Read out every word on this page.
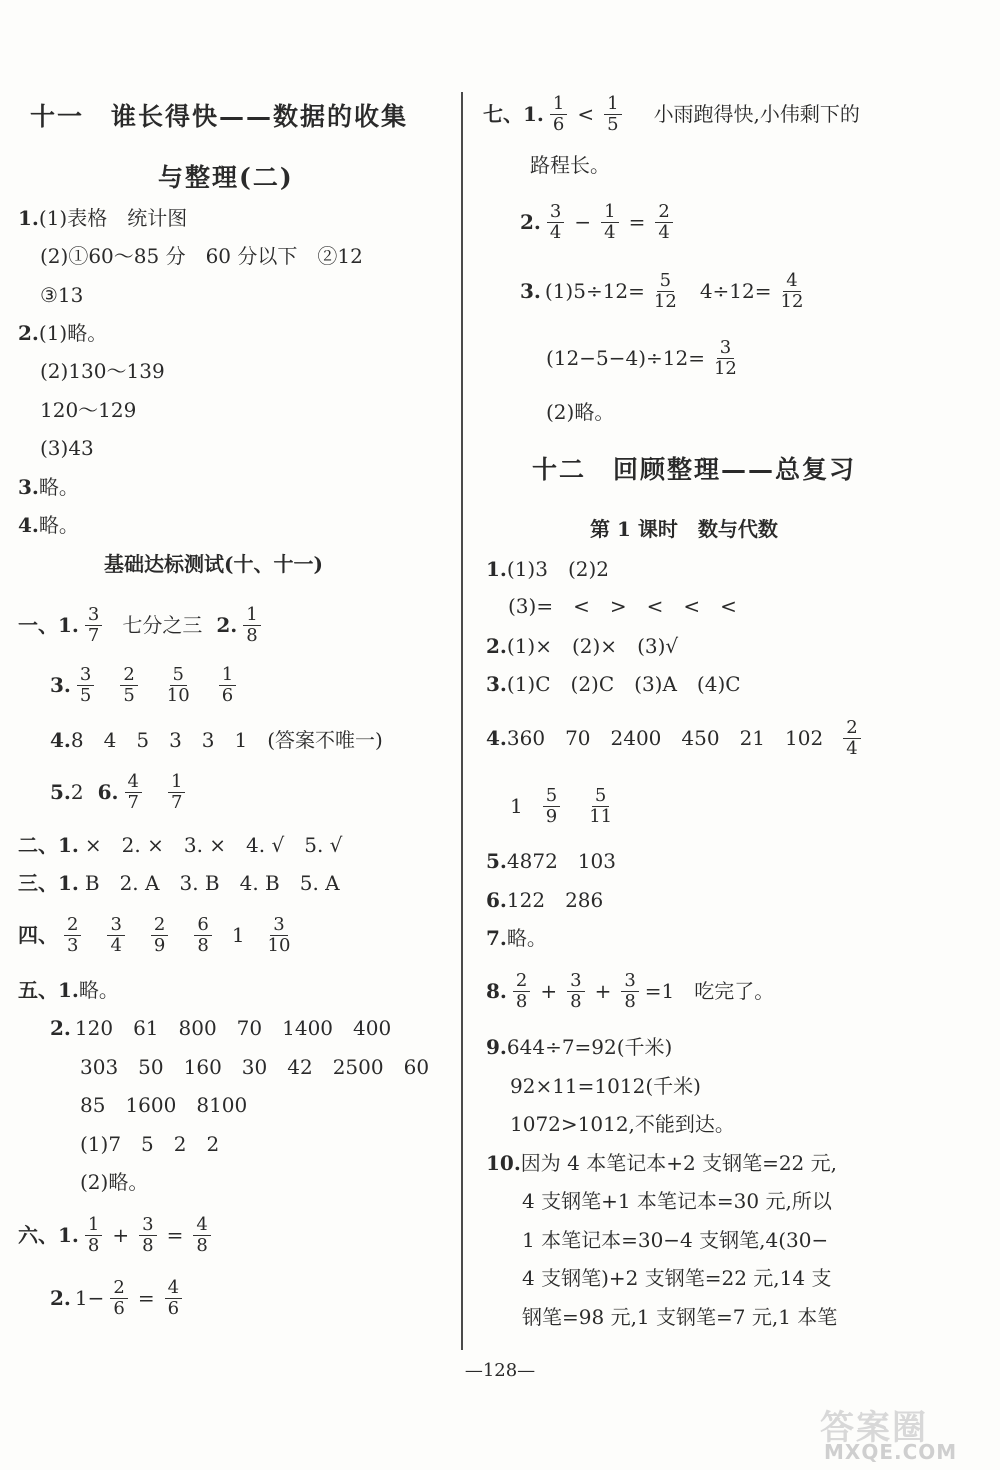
十一　谁长得快——数据的收集
与整理(二)
1. (1)表格　统计图
(2)①60～85 分　60 分以下　②12
③13
2. (1)略。
(2)130～139
120～129
(3)43
3. 略。
4. 略。
基础达标测试(十、十一)
一、1. $\frac{3}{7}$ 七分之三 2. $\frac{1}{8}$
3. $\frac{3}{5} \frac{2}{5} \frac{5}{10} \frac{1}{6}$
4. 8　4　5　3　3　1　(答案不唯一)
5. 2 6. $\frac{4}{7} \frac{1}{7}$
二、1. ×　2. ×　3. ×　4. √　5. √
三、1. B　2. A　3. B　4. B　5. A
四、 $\frac{2}{3} \frac{3}{4} \frac{2}{9} \frac{6}{8} 1 \frac{3}{10}$
五、1. 略。
2. 120　61　800　70　1400　400
303　50　160　30　42　2500　60
85　1600　8100
(1)7　5　2　2
(2)略。
六、1. $\frac{1}{8} + \frac{3}{8} = \frac{4}{8}$
2. $1- \frac{2}{6} = \frac{4}{6}$
七、1. $\frac{1}{6} < \frac{1}{5}$ 小雨跑得快,小伟剩下的
路程长。
2. $\frac{3}{4} - \frac{1}{4} = \frac{2}{4}$
3. $(1)5\div 12= \frac{5}{12} 4\div 12= \frac{4}{12}$
$(12-5-4)\div 12= \frac{3}{12}$
(2)略。
十二　回顾整理——总复习
第 1 课时　数与代数
1. (1)3　(2)2
(3)=　<　>　<　<　<
2. (1)×　(2)×　(3)√
3. (1)C　(2)C　(3)A　(4)C
4. 360　70　2400　450　21　$102 \frac{2}{4}$
$1 \frac{5}{9} \frac{5}{11}$
5. 4872　103
6. 122　286
7. 略。
8. $\frac{2}{8} + \frac{3}{8} + \frac{3}{8} =1$　吃完了。
9. 644÷7=92(千米)
92×11=1012(千米)
1072>1012,不能到达。
10. 因为 4 本笔记本+2 支钢笔=22 元,
4 支钢笔+1 本笔记本=30 元,所以
1 本笔记本=30−4 支钢笔,4(30−
4 支钢笔)+2 支钢笔=22 元,14 支
钢笔=98 元,1 支钢笔=7 元,1 本笔
—128—
答案圈
MXQE.COM
